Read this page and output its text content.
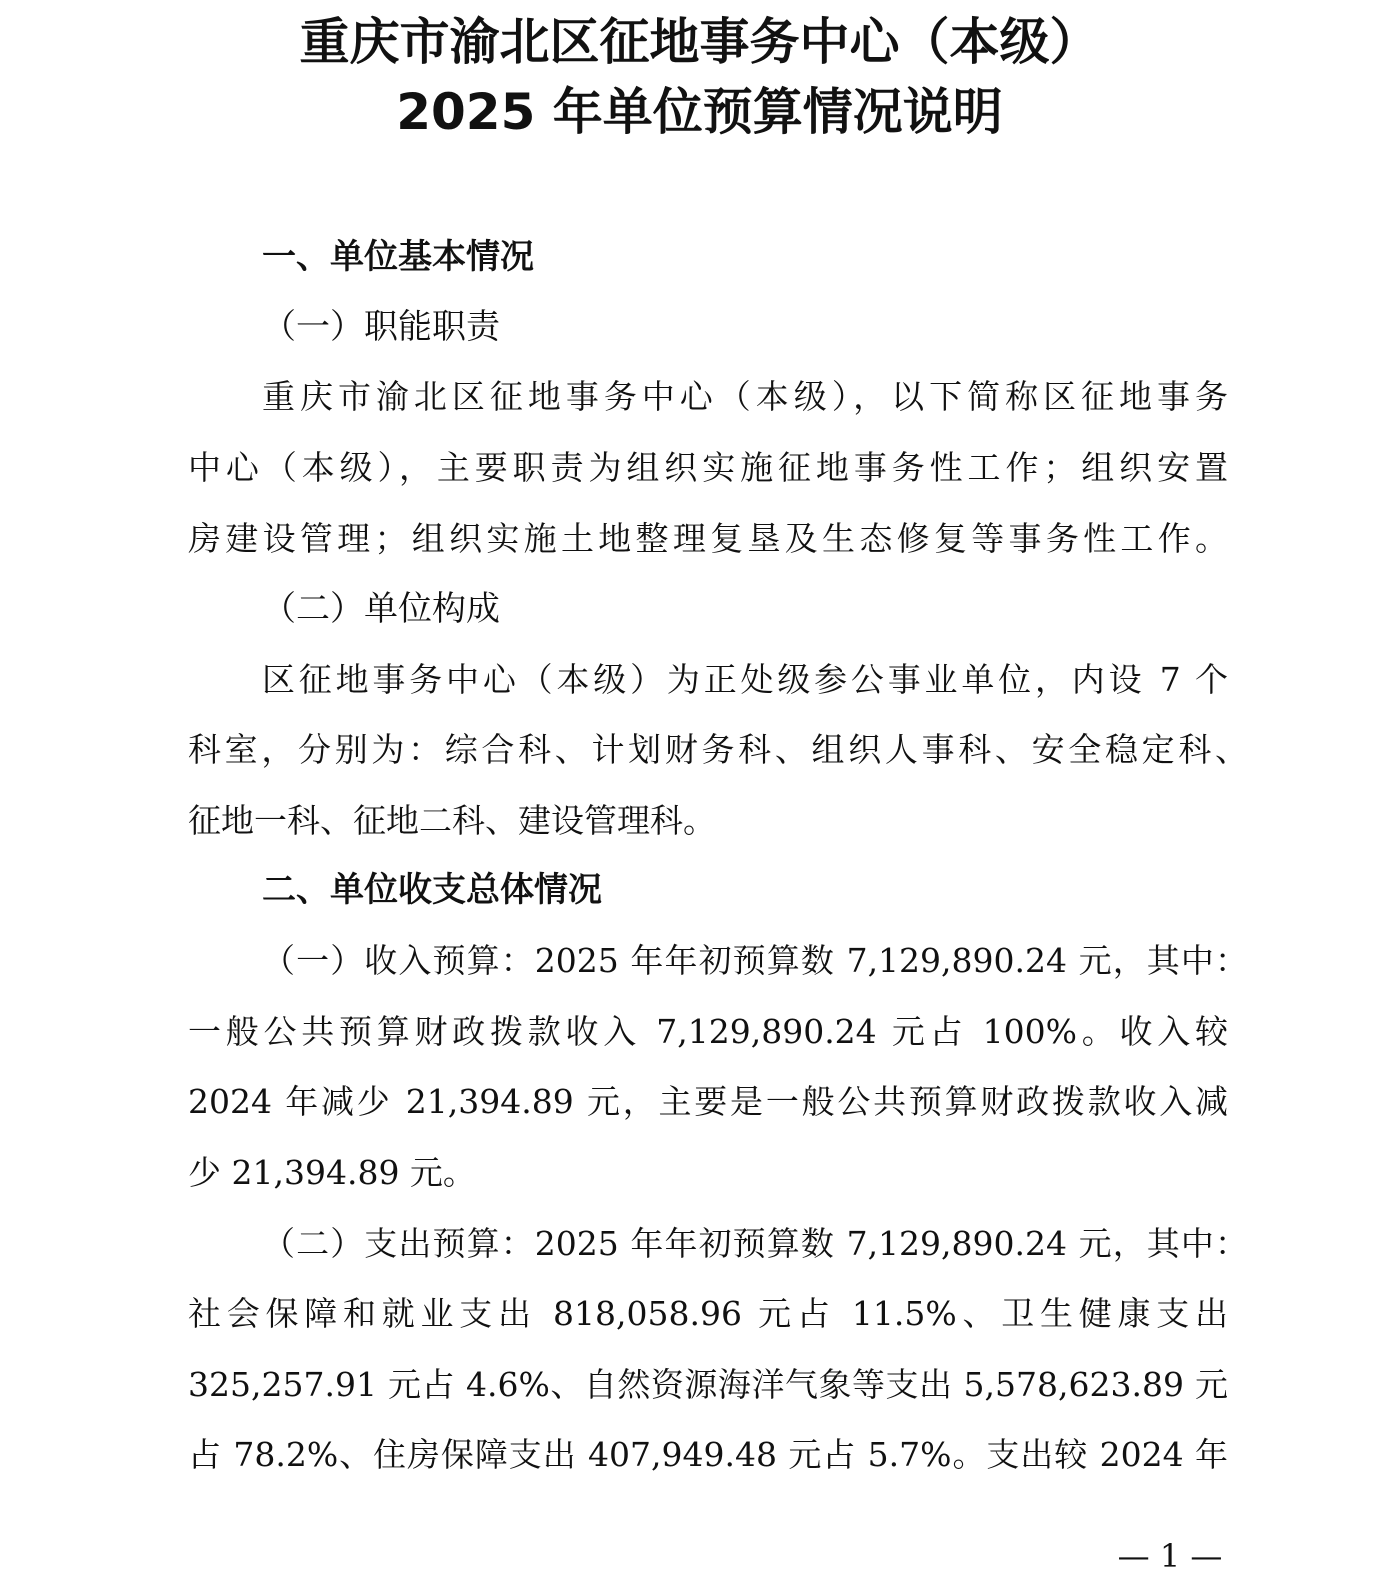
重庆市渝北区征地事务中心（本级）
2025 年单位预算情况说明
一、单位基本情况
（一）职能职责

重庆市渝北区征地事务中心（本级），以下简称区征地事务

中心（本级），主要职责为组织实施征地事务性工作；组织安置

房建设管理；组织实施土地整理复垦及生态修复等事务性工作。

（二）单位构成

区征地事务中心（本级）为正处级参公事业单位，内设 7 个

科室，分别为：综合科、计划财务科、组织人事科、安全稳定科、

征地一科、征地二科、建设管理科。

二、单位收支总体情况

（一）收入预算：2025 年年初预算数 7,129,890.24 元，其中：

一般公共预算财政拨款收入 7,129,890.24 元占 100%。收入较

2024 年减少 21,394.89 元，主要是一般公共预算财政拨款收入减

少 21,394.89 元。

（二）支出预算：2025 年年初预算数 7,129,890.24 元，其中：

社会保障和就业支出 818,058.96 元占 11.5%、卫生健康支出

325,257.91 元占 4.6%、自然资源海洋气象等支出 5,578,623.89 元

占 78.2%、住房保障支出 407,949.48 元占 5.7%。支出较 2024 年

— 1 —
